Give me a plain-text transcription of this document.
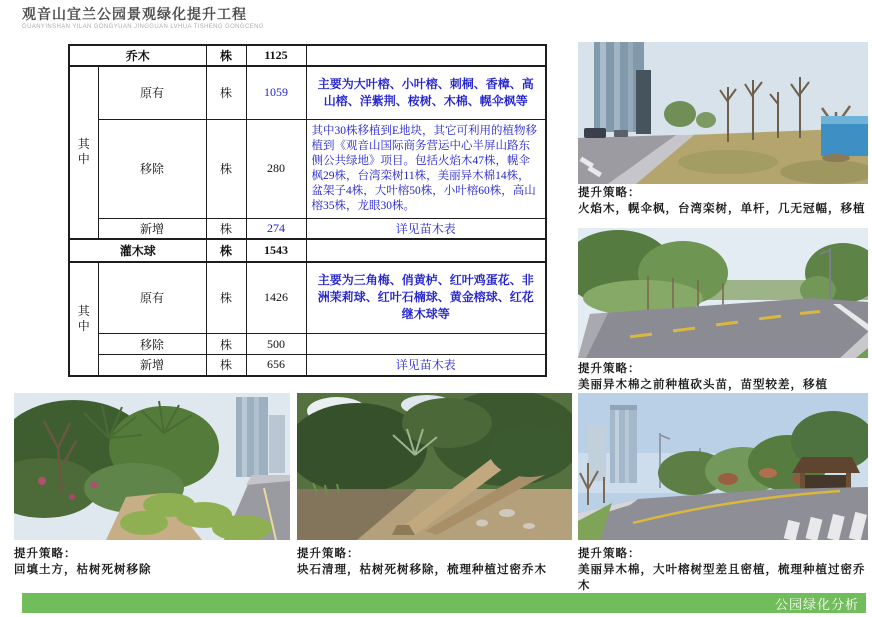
观音山宜兰公园景观绿化提升工程
GUANYINSHAN YILAN GONGYUAN JINGGUAN LVHUA TISHENG GONGCENG
乔木		株	1125	
其中	原有	株	1059	主要为大叶榕、小叶榕、刺桐、香樟、高山榕、洋紫荆、桉树、木棉、幌伞枫等
	移除	株	280	其中30株移植到E地块，其它可利用的植物移植到《观音山国际商务营运中心半屏山路东侧公共绿地》项目。包括火焰木47株，幌伞枫29株，台湾栾树11株，美丽异木棉14株，盆架子4株，大叶榕50株，小叶榕60株，高山榕35株，龙眼30株。
	新增	株	274	详见苗木表
灌木球		株	1543	
其中	原有	株	1426	主要为三角梅、俏黄栌、红叶鸡蛋花、非洲茉莉球、红叶石楠球、黄金榕球、红花继木球等
	移除	株	500	
	新增	株	656	详见苗木表
提升策略：
火焰木，幌伞枫，台湾栾树，单杆，几无冠幅，移植
提升策略：
美丽异木棉之前种植砍头苗，苗型较差，移植
提升策略：
回填土方，枯树死树移除
提升策略：
块石清理，枯树死树移除，梳理种植过密乔木
提升策略：
美丽异木棉，大叶榕树型差且密植，梳理种植过密乔木
公园绿化分析
